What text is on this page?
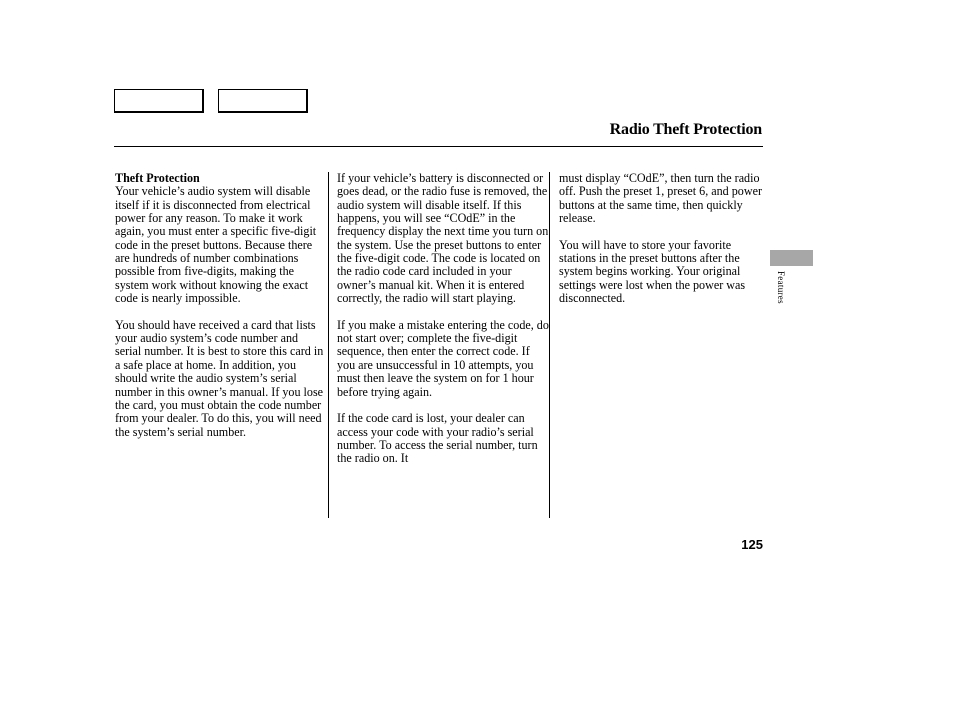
Radio Theft Protection

Theft Protection
Your vehicle’s audio system will disable itself if it is disconnected from electrical power for any reason. To make it work again, you must enter a specific five-digit code in the preset buttons. Because there are hundreds of number combinations possible from five-digits, making the system work without knowing the exact code is nearly impossible.

You should have received a card that lists your audio system’s code number and serial number. It is best to store this card in a safe place at home. In addition, you should write the audio system’s serial number in this owner’s manual. If you lose the card, you must obtain the code number from your dealer. To do this, you will need the system’s serial number.

If your vehicle’s battery is disconnected or goes dead, or the radio fuse is removed, the audio system will disable itself. If this happens, you will see “COdE” in the frequency display the next time you turn on the system. Use the preset buttons to enter the five-digit code. The code is located on the radio code card included in your owner’s manual kit. When it is entered correctly, the radio will start playing.

If you make a mistake entering the code, do not start over; complete the five-digit sequence, then enter the correct code. If you are unsuccessful in 10 attempts, you must then leave the system on for 1 hour before trying again.

If the code card is lost, your dealer can access your code with your radio’s serial number. To access the serial number, turn the radio on. It

must display “COdE”, then turn the radio off. Push the preset 1, preset 6, and power buttons at the same time, then quickly release.

You will have to store your favorite stations in the preset buttons after the system begins working. Your original settings were lost when the power was disconnected.	Features
125
